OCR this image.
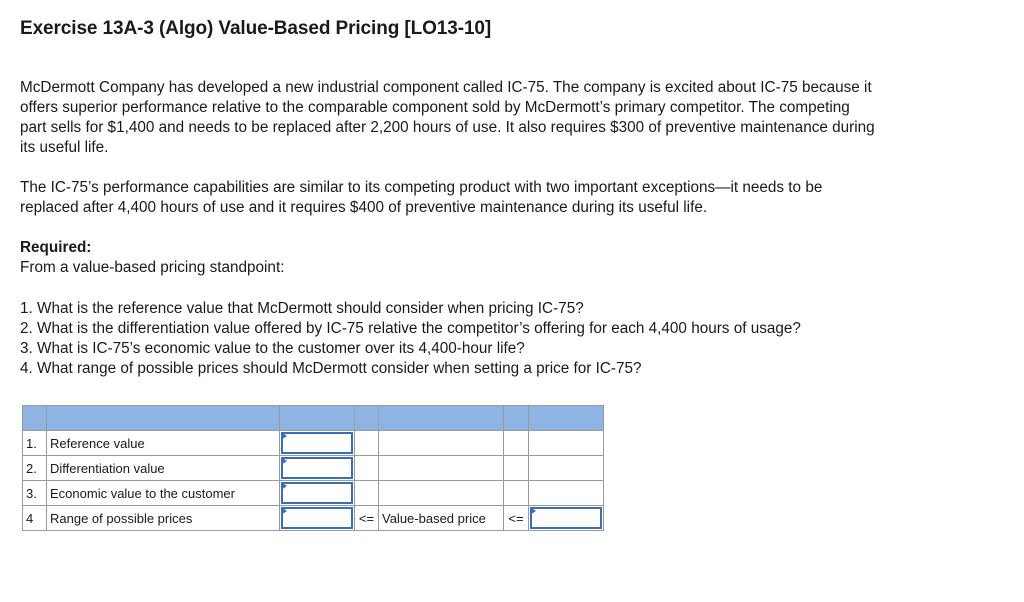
Exercise 13A-3 (Algo) Value-Based Pricing [LO13-10]
McDermott Company has developed a new industrial component called IC-75. The company is excited about IC-75 because it
offers superior performance relative to the comparable component sold by McDermott’s primary competitor. The competing
part sells for $1,400 and needs to be replaced after 2,200 hours of use. It also requires $300 of preventive maintenance during
its useful life.
The IC-75’s performance capabilities are similar to its competing product with two important exceptions—it needs to be
replaced after 4,400 hours of use and it requires $400 of preventive maintenance during its useful life.
Required:
From a value-based pricing standpoint:
1. What is the reference value that McDermott should consider when pricing IC-75?
2. What is the differentiation value offered by IC-75 relative the competitor’s offering for each 4,400 hours of usage?
3. What is IC-75’s economic value to the customer over its 4,400-hour life?
4. What range of possible prices should McDermott consider when setting a price for IC-75?

1.	Reference value	

2.	Differentiation value	

3.	Economic value to the customer	

4	Range of possible prices		<=	Value-based price	<=	
